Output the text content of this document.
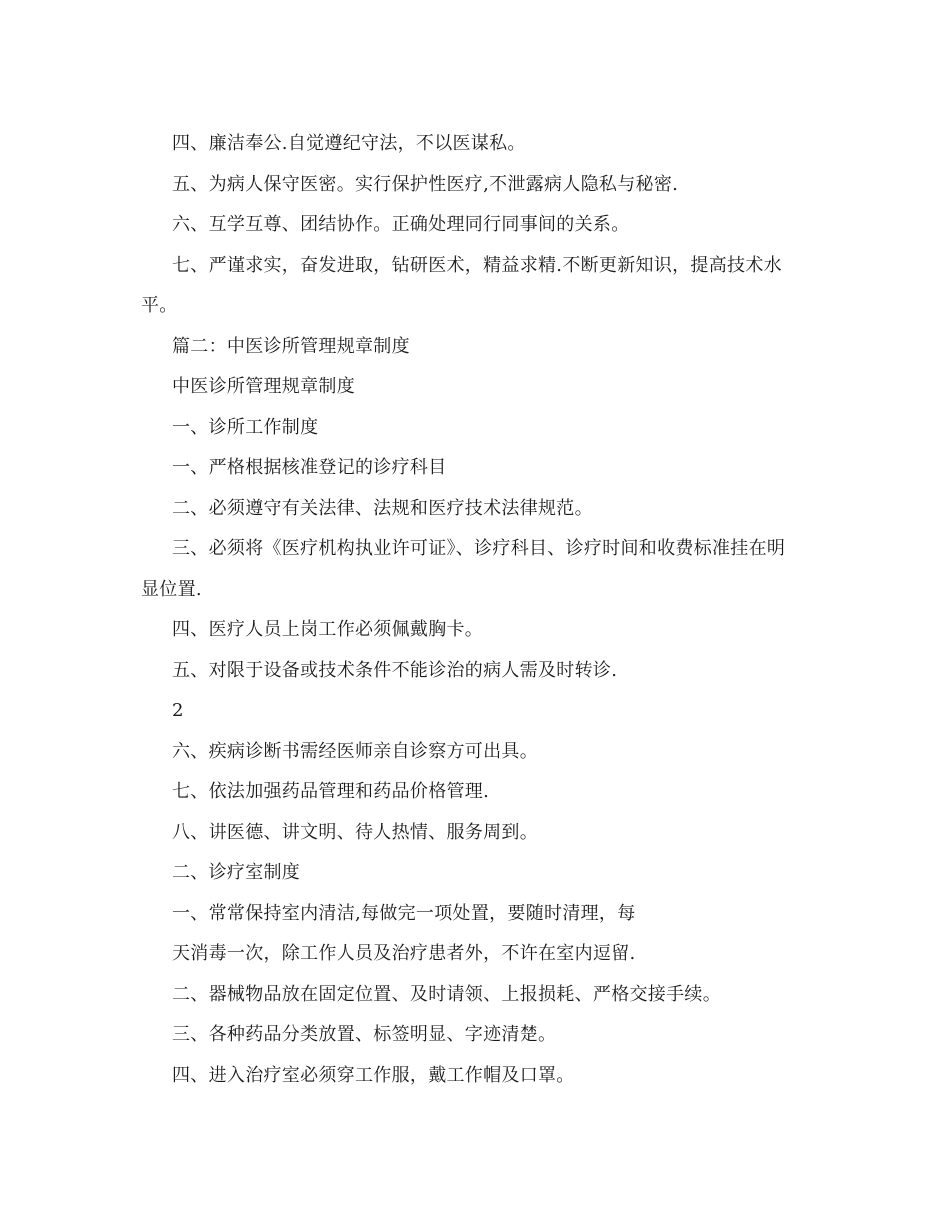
四、廉洁奉公.自觉遵纪守法，不以医谋私。
五、为病人保守医密。实行保护性医疗,不泄露病人隐私与秘密.
六、互学互尊、团结协作。正确处理同行同事间的关系。
七、严谨求实，奋发进取，钻研医术，精益求精.不断更新知识，提高技术水
平。
篇二：中医诊所管理规章制度
中医诊所管理规章制度
一、诊所工作制度
一、严格根据核准登记的诊疗科目
二、必须遵守有关法律、法规和医疗技术法律规范。
三、必须将《医疗机构执业许可证》、诊疗科目、诊疗时间和收费标准挂在明
显位置.
四、医疗人员上岗工作必须佩戴胸卡。
五、对限于设备或技术条件不能诊治的病人需及时转诊.
2
六、疾病诊断书需经医师亲自诊察方可出具。
七、依法加强药品管理和药品价格管理.
八、讲医德、讲文明、待人热情、服务周到。
二、诊疗室制度
一、常常保持室内清洁,每做完一项处置，要随时清理，每
天消毒一次，除工作人员及治疗患者外，不许在室内逗留.
二、器械物品放在固定位置、及时请领、上报损耗、严格交接手续。
三、各种药品分类放置、标签明显、字迹清楚。
四、进入治疗室必须穿工作服，戴工作帽及口罩。
